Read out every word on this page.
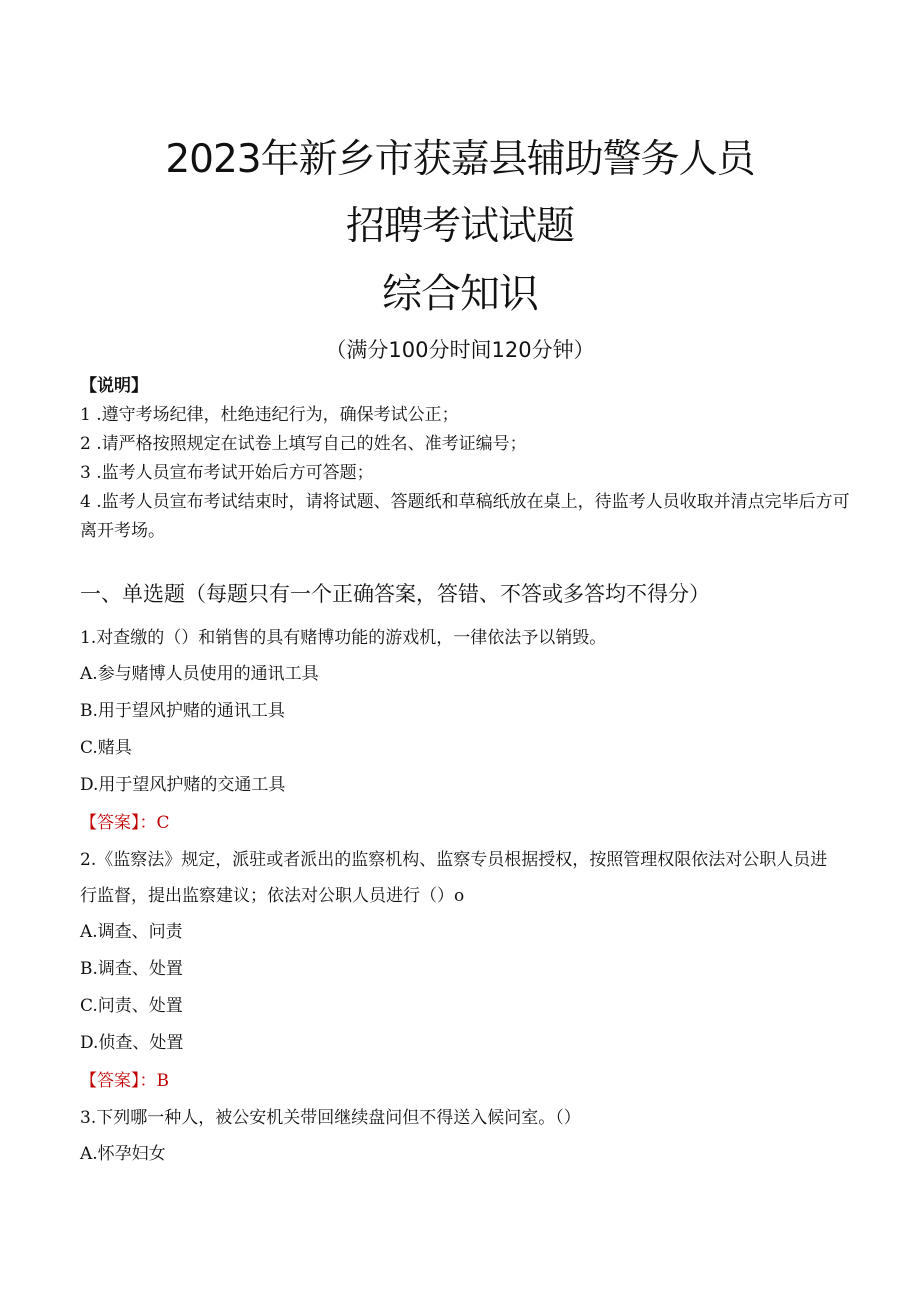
2023年新乡市获嘉县辅助警务人员
招聘考试试题
综合知识
（满分100分时间120分钟）
【说明】
1 .遵守考场纪律，杜绝违纪行为，确保考试公正；
2 .请严格按照规定在试卷上填写自己的姓名、准考证编号；
3 .监考人员宣布考试开始后方可答题；
4 .监考人员宣布考试结束时，请将试题、答题纸和草稿纸放在桌上，待监考人员收取并清点完毕后方可离开考场。
一、单选题（每题只有一个正确答案，答错、不答或多答均不得分）
1.对查缴的（）和销售的具有赌博功能的游戏机，一律依法予以销毁。
A.参与赌博人员使用的通讯工具
B.用于望风护赌的通讯工具
C.赌具
D.用于望风护赌的交通工具
【答案】：C
2.《监察法》规定，派驻或者派出的监察机构、监察专员根据授权，按照管理权限依法对公职人员进行监督，提出监察建议；依法对公职人员进行（）o
A.调查、问责
B.调查、处置
C.问责、处置
D.侦查、处置
【答案】：B
3.下列哪一种人，被公安机关带回继续盘问但不得送入候问室。（）
A.怀孕妇女
